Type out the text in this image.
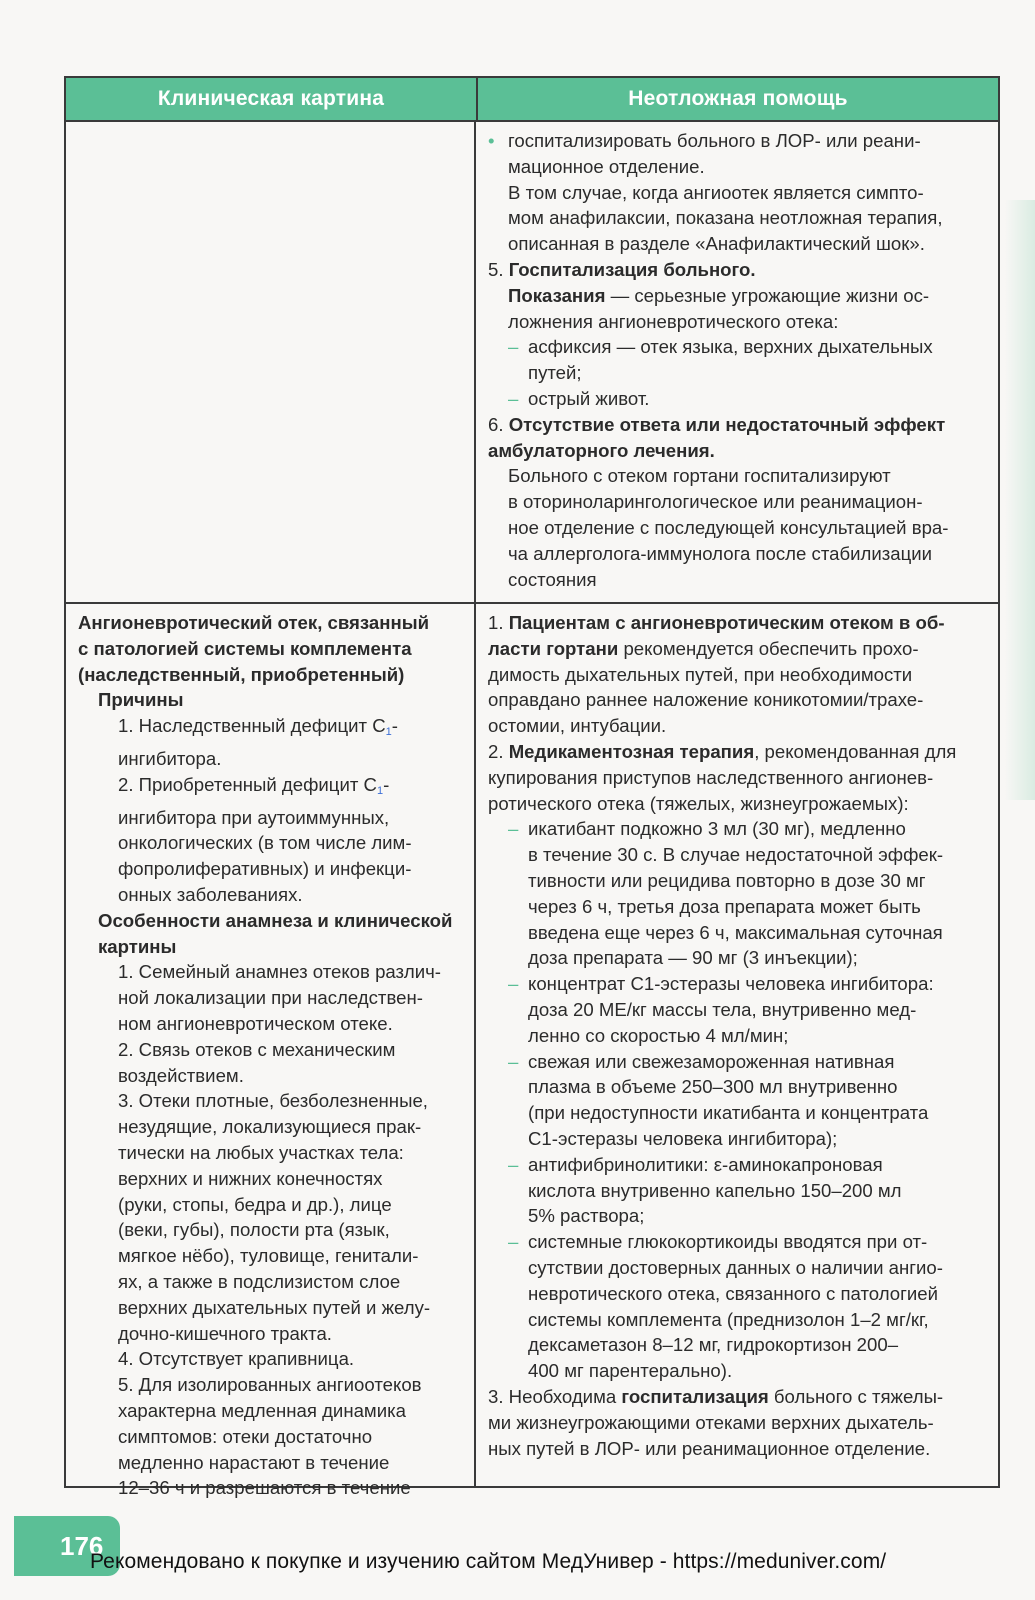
Клиническая картина	Неотложная помощь
• госпитализировать больного в ЛОР- или реани-
мационное отделение.
В том случае, когда ангиоотек является симпто-
мом анафилаксии, показана неотложная терапия,
описанная в разделе «Анафилактический шок».
5. Госпитализация больного.
Показания — серьезные угрожающие жизни ос-
ложнения ангионевротического отека:
– асфиксия — отек языка, верхних дыхательных
путей;
– острый живот.
6. Отсутствие ответа или недостаточный эффект
амбулаторного лечения.
Больного с отеком гортани госпитализируют
в оториноларингологическое или реанимацион-
ное отделение с последующей консультацией вра-
ча аллерголога-иммунолога после стабилизации
состояния
Ангионевротический отек, связанный
с патологией системы комплемента
(наследственный, приобретенный)
Причины
1. Наследственный дефицит $С_1-$
ингибитора.
2. Приобретенный дефицит $С_1-$
ингибитора при аутоиммунных,
онкологических (в том числе лим-
фопролиферативных) и инфекци-
онных заболеваниях.
Особенности анамнеза и клинической
картины
1. Семейный анамнез отеков различ-
ной локализации при наследствен-
ном ангионевротическом отеке.
2. Связь отеков с механическим
воздействием.
3. Отеки плотные, безболезненные,
незудящие, локализующиеся прак-
тически на любых участках тела:
верхних и нижних конечностях
(руки, стопы, бедра и др.), лице
(веки, губы), полости рта (язык,
мягкое нёбо), туловище, генитали-
ях, а также в подслизистом слое
верхних дыхательных путей и желу-
дочно-кишечного тракта.
4. Отсутствует крапивница.
5. Для изолированных ангиоотеков
характерна медленная динамика
симптомов: отеки достаточно
медленно нарастают в течение
12–36 ч и разрешаются в течение
1. Пациентам с ангионевротическим отеком в об-
ласти гортани рекомендуется обеспечить прохо-
димость дыхательных путей, при необходимости
оправдано раннее наложение коникотомии/трахе-
остомии, интубации.
2. Медикаментозная терапия, рекомендованная для
купирования приступов наследственного ангионев-
ротического отека (тяжелых, жизнеугрожаемых):
– икатибант подкожно 3 мл (30 мг), медленно
в течение 30 с. В случае недостаточной эффек-
тивности или рецидива повторно в дозе 30 мг
через 6 ч, третья доза препарата может быть
введена еще через 6 ч, максимальная суточная
доза препарата — 90 мг (3 инъекции);
– концентрат С1-эстеразы человека ингибитора:
доза 20 МЕ/кг массы тела, внутривенно мед-
ленно со скоростью 4 мл/мин;
– свежая или свежезамороженная нативная
плазма в объеме 250–300 мл внутривенно
(при недоступности икатибанта и концентрата
С1-эстеразы человека ингибитора);
– антифибринолитики: ε-аминокапроновая
кислота внутривенно капельно 150–200 мл
5% раствора;
– системные глюкокортикоиды вводятся при от-
сутствии достоверных данных о наличии ангио-
невротического отека, связанного с патологией
системы комплемента (преднизолон 1–2 мг/кг,
дексаметазон 8–12 мг, гидрокортизон 200–
400 мг парентерально).
3. Необходима госпитализация больного с тяжелы-
ми жизнеугрожающими отеками верхних дыхатель-
ных путей в ЛОР- или реанимационное отделение.
176
Рекомендовано к покупке и изучению сайтом МедУнивер - https://meduniver.com/
